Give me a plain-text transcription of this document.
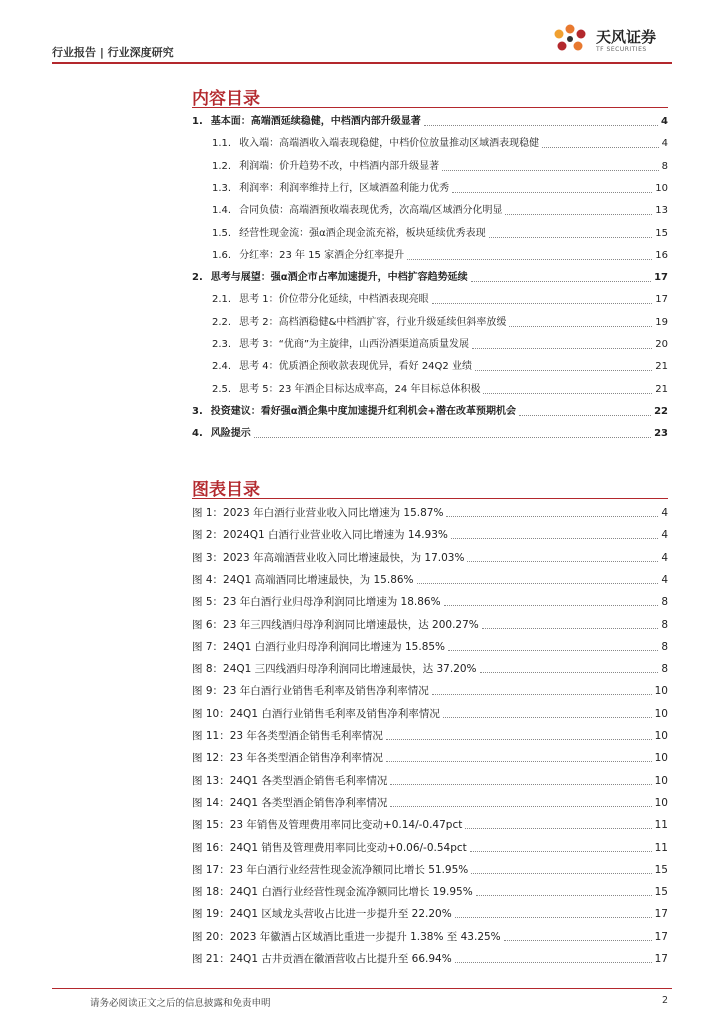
行业报告 | 行业深度研究
天风证券
TF SECURITIES
内容目录
1. 基本面：高端酒延续稳健，中档酒内部升级显著	4
1.1. 收入端：高端酒收入端表现稳健，中档价位放量推动区域酒表现稳健	4
1.2. 利润端：价升趋势不改，中档酒内部升级显著	8
1.3. 利润率：利润率维持上行，区域酒盈利能力优秀	10
1.4. 合同负债：高端酒预收端表现优秀，次高端/区域酒分化明显	13
1.5. 经营性现金流：强α酒企现金流充裕，板块延续优秀表现	15
1.6. 分红率：23 年 15 家酒企分红率提升	16
2. 思考与展望：强α酒企市占率加速提升，中档扩容趋势延续	17
2.1. 思考 1：价位带分化延续，中档酒表现亮眼	17
2.2. 思考 2：高档酒稳健&中档酒扩容，行业升级延续但斜率放缓	19
2.3. 思考 3：“优商”为主旋律，山西汾酒渠道高质量发展	20
2.4. 思考 4：优质酒企预收款表现优异，看好 24Q2 业绩	21
2.5. 思考 5：23 年酒企目标达成率高，24 年目标总体积极	21
3. 投资建议：看好强α酒企集中度加速提升红利机会+潜在改革预期机会	22
4. 风险提示	23
图表目录
图 1：2023 年白酒行业营业收入同比增速为 15.87%	4
图 2：2024Q1 白酒行业营业收入同比增速为 14.93%	4
图 3：2023 年高端酒营业收入同比增速最快，为 17.03%	4
图 4：24Q1 高端酒同比增速最快，为 15.86%	4
图 5：23 年白酒行业归母净利润同比增速为 18.86%	8
图 6：23 年三四线酒归母净利润同比增速最快，达 200.27%	8
图 7：24Q1 白酒行业归母净利润同比增速为 15.85%	8
图 8：24Q1 三四线酒归母净利润同比增速最快，达 37.20%	8
图 9：23 年白酒行业销售毛利率及销售净利率情况	10
图 10：24Q1 白酒行业销售毛利率及销售净利率情况	10
图 11：23 年各类型酒企销售毛利率情况	10
图 12：23 年各类型酒企销售净利率情况	10
图 13：24Q1 各类型酒企销售毛利率情况	10
图 14：24Q1 各类型酒企销售净利率情况	10
图 15：23 年销售及管理费用率同比变动+0.14/-0.47pct	11
图 16：24Q1 销售及管理费用率同比变动+0.06/-0.54pct	11
图 17：23 年白酒行业经营性现金流净额同比增长 51.95%	15
图 18：24Q1 白酒行业经营性现金流净额同比增长 19.95%	15
图 19：24Q1 区域龙头营收占比进一步提升至 22.20%	17
图 20：2023 年徽酒占区域酒比重进一步提升 1.38% 至 43.25%	17
图 21：24Q1 古井贡酒在徽酒营收占比提升至 66.94%	17
请务必阅读正文之后的信息披露和免责申明	2
